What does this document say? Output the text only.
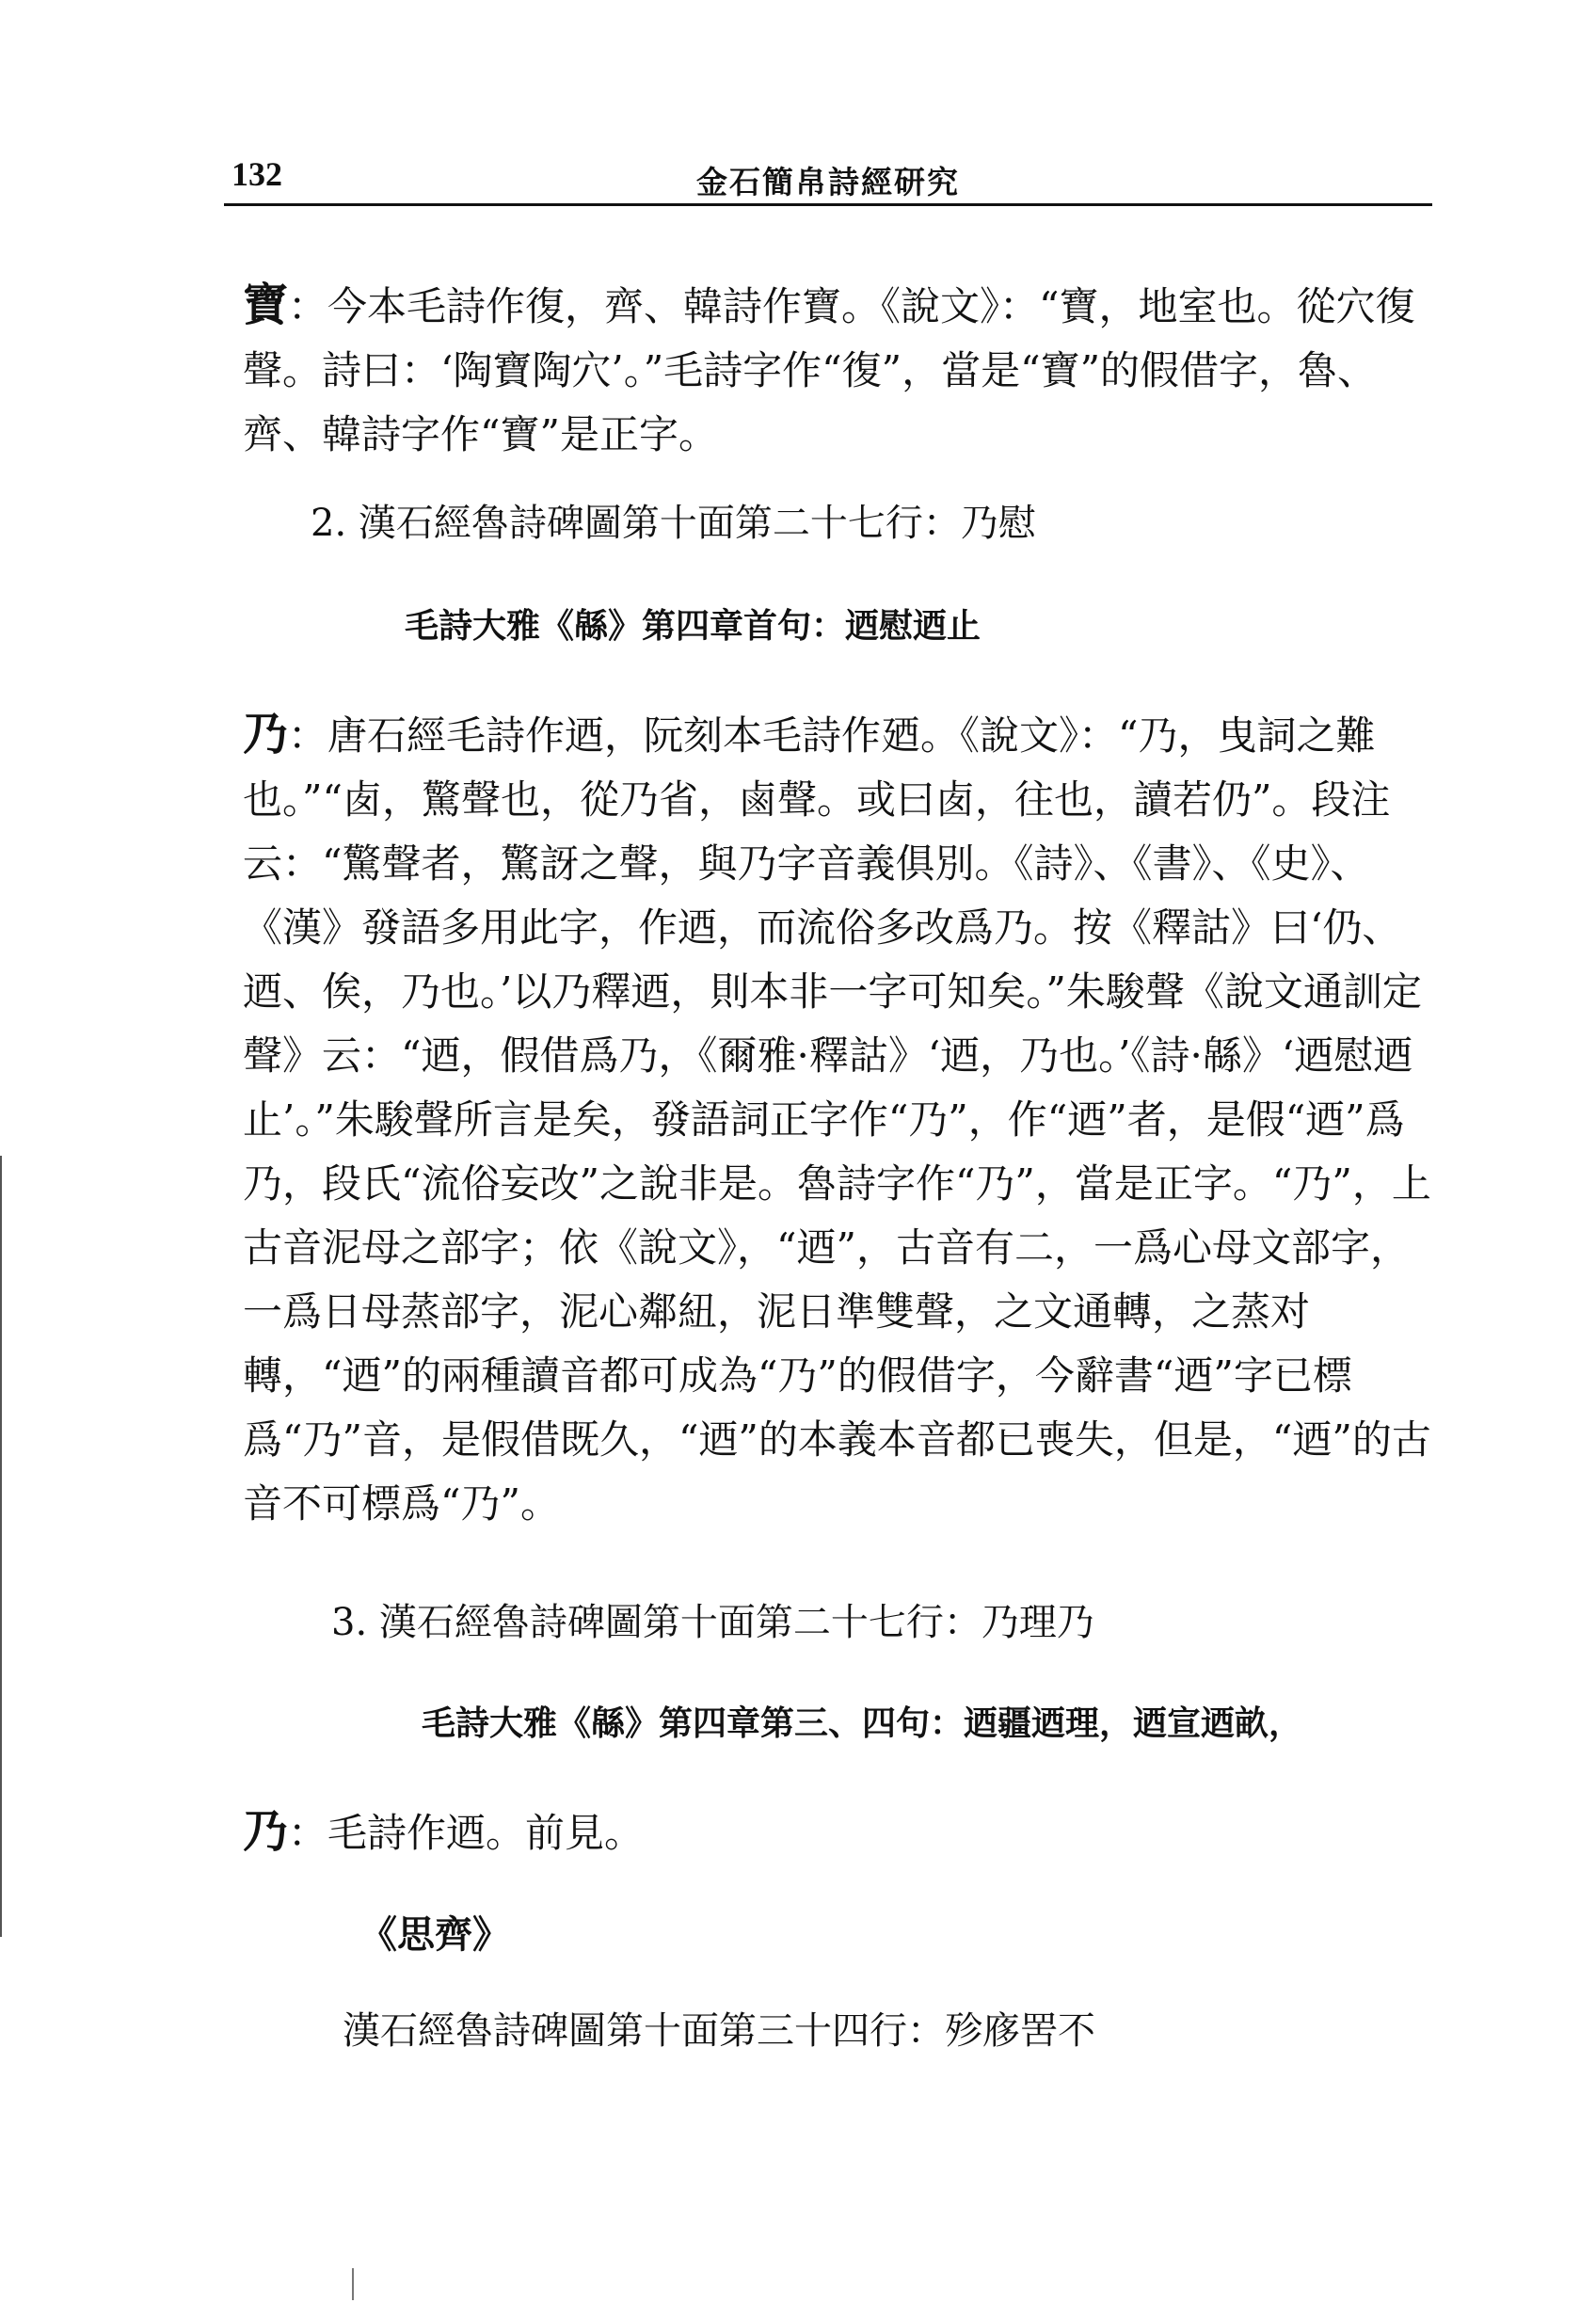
132	金石簡帛詩經研究

寶：今本毛詩作復，齊、韓詩作寶。《說文》：“寶，地室也。從穴復聲。詩曰：‘陶寶陶穴’。”毛詩字作“復”，當是“寶”的假借字，魯、齊、韓詩字作“寶”是正字。

2. 漢石經魯詩碑圖第十面第二十七行：乃慰

毛詩大雅《緜》第四章首句：迺慰迺止

乃：唐石經毛詩作迺，阮刻本毛詩作廼。《說文》：“乃，曳詞之難也。”“𠧧，驚聲也，從乃省，鹵聲。或曰𠧧，往也，讀若仍”。段注云：“驚聲者，驚訝之聲，與乃字音義俱別。《詩》、《書》、《史》、《漢》發語多用此字，作迺，而流俗多改爲乃。按《釋詁》曰‘仍、迺、俟，乃也。’以乃釋迺，則本非一字可知矣。”朱駿聲《說文通訓定聲》云：“迺，假借爲乃，《爾雅·釋詁》‘迺，乃也。’《詩·緜》‘迺慰迺止’。”朱駿聲所言是矣，發語詞正字作“乃”，作“迺”者，是假“迺”爲乃，段氏“流俗妄改”之說非是。魯詩字作“乃”，當是正字。“乃”，上古音泥母之部字；依《說文》，“迺”，古音有二，一爲心母文部字，一爲日母蒸部字，泥心鄰紐，泥日準雙聲，之文通轉，之蒸对轉，“迺”的兩種讀音都可成為“乃”的假借字，今辭書“迺”字已標爲“乃”音，是假借既久，“迺”的本義本音都已喪失，但是，“迺”的古音不可標爲“乃”。

3. 漢石經魯詩碑圖第十面第二十七行：乃理乃

毛詩大雅《緜》第四章第三、四句：迺疆迺理，迺宣迺畝，

乃：毛詩作迺。前見。

《思齊》

漢石經魯詩碑圖第十面第三十四行：殄㢋罟不
